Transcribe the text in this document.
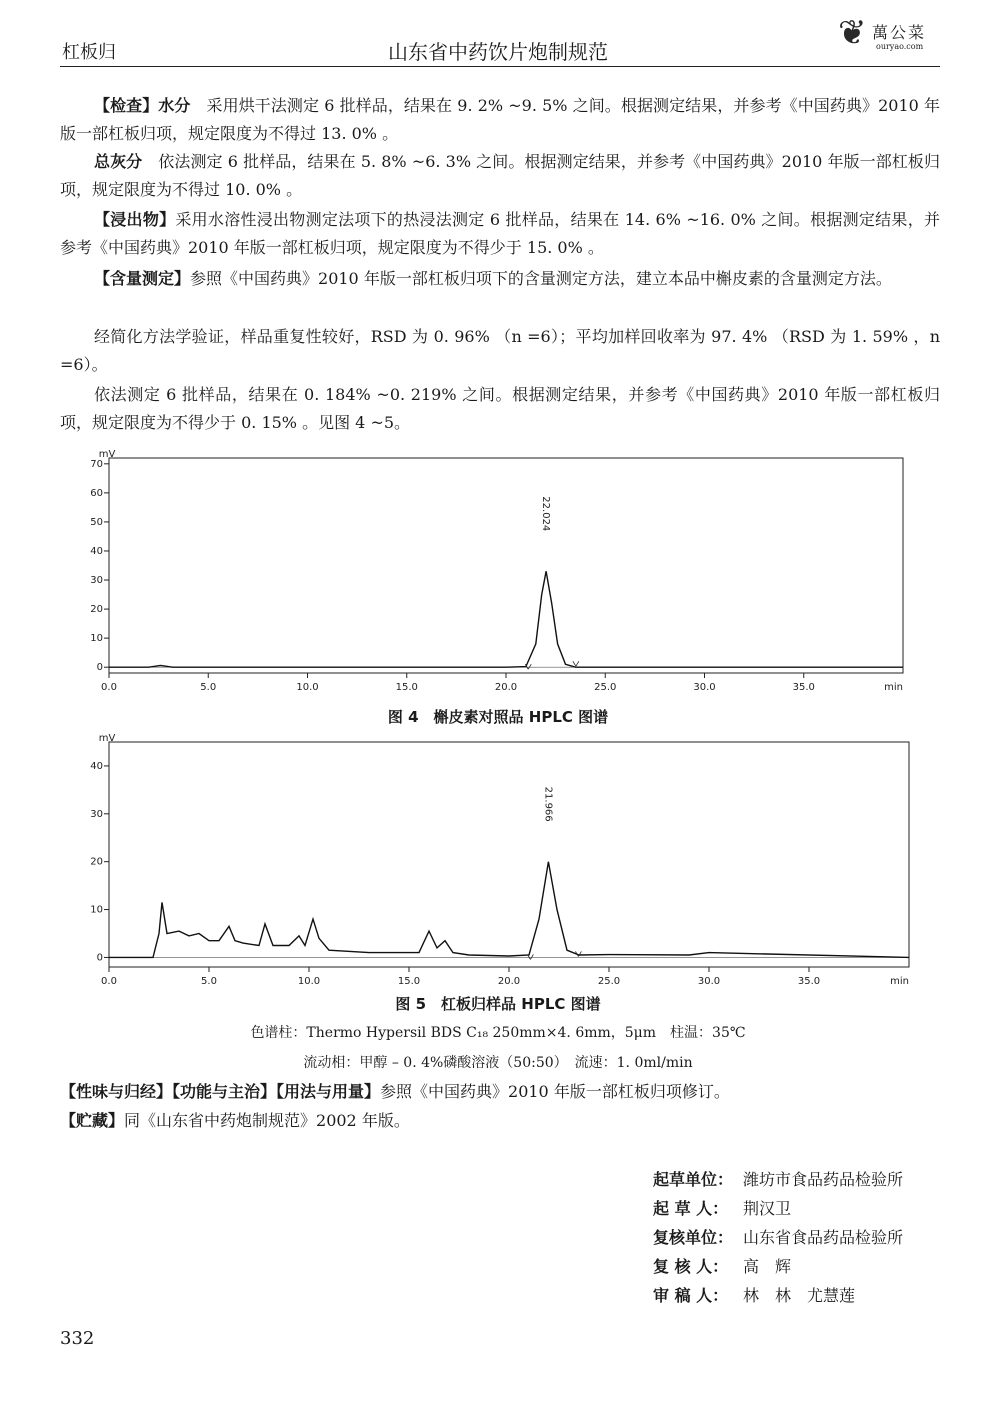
杠板归	山东省中药饮片炮制规范	❦ 萬公菜
ouryao.com
【检查】水分　采用烘干法测定 6 批样品，结果在 9. 2% ~9. 5% 之间。根据测定结果，并参考《中国药典》2010 年版一部杠板归项，规定限度为不得过 13. 0% 。
总灰分　依法测定 6 批样品，结果在 5. 8% ~6. 3% 之间。根据测定结果，并参考《中国药典》2010 年版一部杠板归项，规定限度为不得过 10. 0% 。
【浸出物】采用水溶性浸出物测定法项下的热浸法测定 6 批样品，结果在 14. 6% ~16. 0% 之间。根据测定结果，并参考《中国药典》2010 年版一部杠板归项，规定限度为不得少于 15. 0% 。
【含量测定】参照《中国药典》2010 年版一部杠板归项下的含量测定方法，建立本品中槲皮素的含量测定方法。
经简化方法学验证，样品重复性较好，RSD 为 0. 96% （n =6）；平均加样回收率为 97. 4% （RSD 为 1. 59% ，n =6）。
依法测定 6 批样品，结果在 0. 184% ~0. 219% 之间。根据测定结果，并参考《中国药典》2010 年版一部杠板归项，规定限度为不得少于 0. 15% 。见图 4 ~5。
0
10
20
30
40
50
60
70
mV
0.0	5.0	10.0	15.0	20.0	25.0	30.0	35.0	min
22.024
图 4　槲皮素对照品 HPLC 图谱
0
10
20
30
40
mV
0.0	5.0	10.0	15.0	20.0	25.0	30.0	35.0	min
21.966
图 5　杠板归样品 HPLC 图谱
色谱柱：Thermo Hypersil BDS C₁₈ 250mm×4. 6mm，5μm　柱温：35℃
流动相：甲醇 – 0. 4%磷酸溶液（50:50）　流速：1. 0ml/min
【性味与归经】【功能与主治】【用法与用量】参照《中国药典》2010 年版一部杠板归项修订。
【贮藏】同《山东省中药炮制规范》2002 年版。
起草单位： 潍坊市食品药品检验所
起 草 人： 荆汉卫
复核单位： 山东省食品药品检验所
复 核 人： 高　辉
审 稿 人： 林　林　尤慧莲
332
